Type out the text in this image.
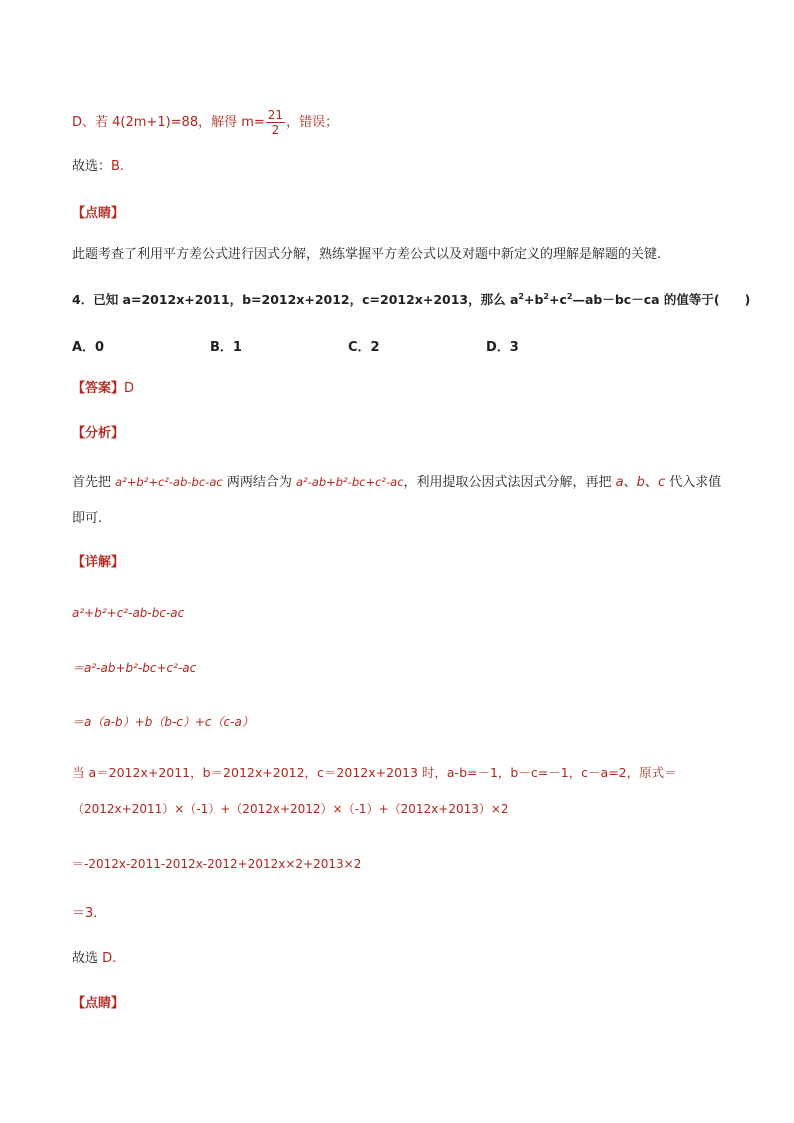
D、若 4(2m+1)=88，解得 $m= \frac{21}{2}$ ，错误；
故选：B.
【点睛】
此题考查了利用平方差公式进行因式分解，熟练掌握平方差公式以及对题中新定义的理解是解题的关键.
4．已知 a=2012x+2011，b=2012x+2012，c=2012x+2013，那么 $a^2+b^2+c^2—ab-bc-ca$ 的值等于(　　)
A．0	B．1	C．2	D．3
【答案】D
【分析】
首先把 a²+b²+c²-ab-bc-ac 两两结合为 a²-ab+b²-bc+c²-ac，利用提取公因式法因式分解，再把 a、b、c 代入求值
即可.
【详解】
a²+b²+c²-ab-bc-ac
＝a²-ab+b²-bc+c²-ac
＝a（a-b）+b（b-c）+c（c-a）
当 a＝2012x+2011，b＝2012x+2012，c＝2012x+2013 时，a-b=－1，b－c=－1，c－a=2，原式＝
（2012x+2011）×（-1）+（2012x+2012）×（-1）+（2012x+2013）×2
＝-2012x-2011-2012x-2012+2012x×2+2013×2
＝3.
故选 D.
【点睛】
